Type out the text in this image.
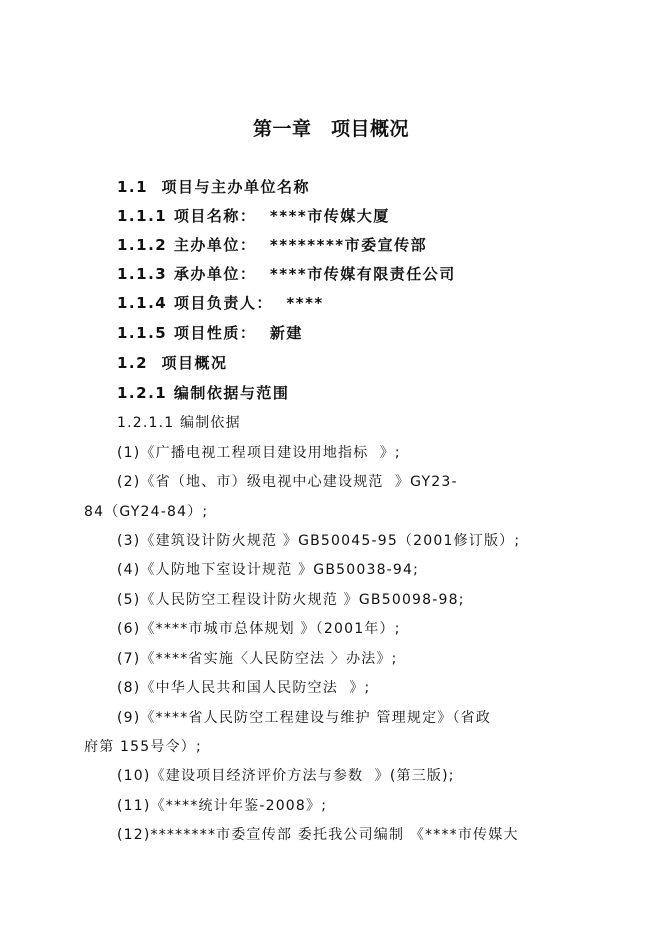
第一章　项目概况
1.1  项目与主办单位名称
1.1.1 项目名称：  ****市传媒大厦
1.1.2 主办单位：  ********市委宣传部
1.1.3 承办单位：  ****市传媒有限责任公司
1.1.4 项目负责人：  ****
1.1.5 项目性质：  新建
1.2  项目概况
1.2.1 编制依据与范围
1.2.1.1 编制依据
(1)《广播电视工程项目建设用地指标  》;
(2)《省（地、市）级电视中心建设规范  》GY23-
84（GY24-84）;
(3)《建筑设计防火规范 》GB50045-95（2001修订版）;
(4)《人防地下室设计规范 》GB50038-94;
(5)《人民防空工程设计防火规范 》GB50098-98;
(6)《****市城市总体规划 》（2001年）;
(7)《****省实施〈人民防空法 〉办法》;
(8)《中华人民共和国人民防空法  》;
(9)《****省人民防空工程建设与维护 管理规定》（省政
府第 155号令）;
(10)《建设项目经济评价方法与参数  》(第三版);
(11)《****统计年鉴-2008》;
(12)********市委宣传部 委托我公司编制 《****市传媒大
